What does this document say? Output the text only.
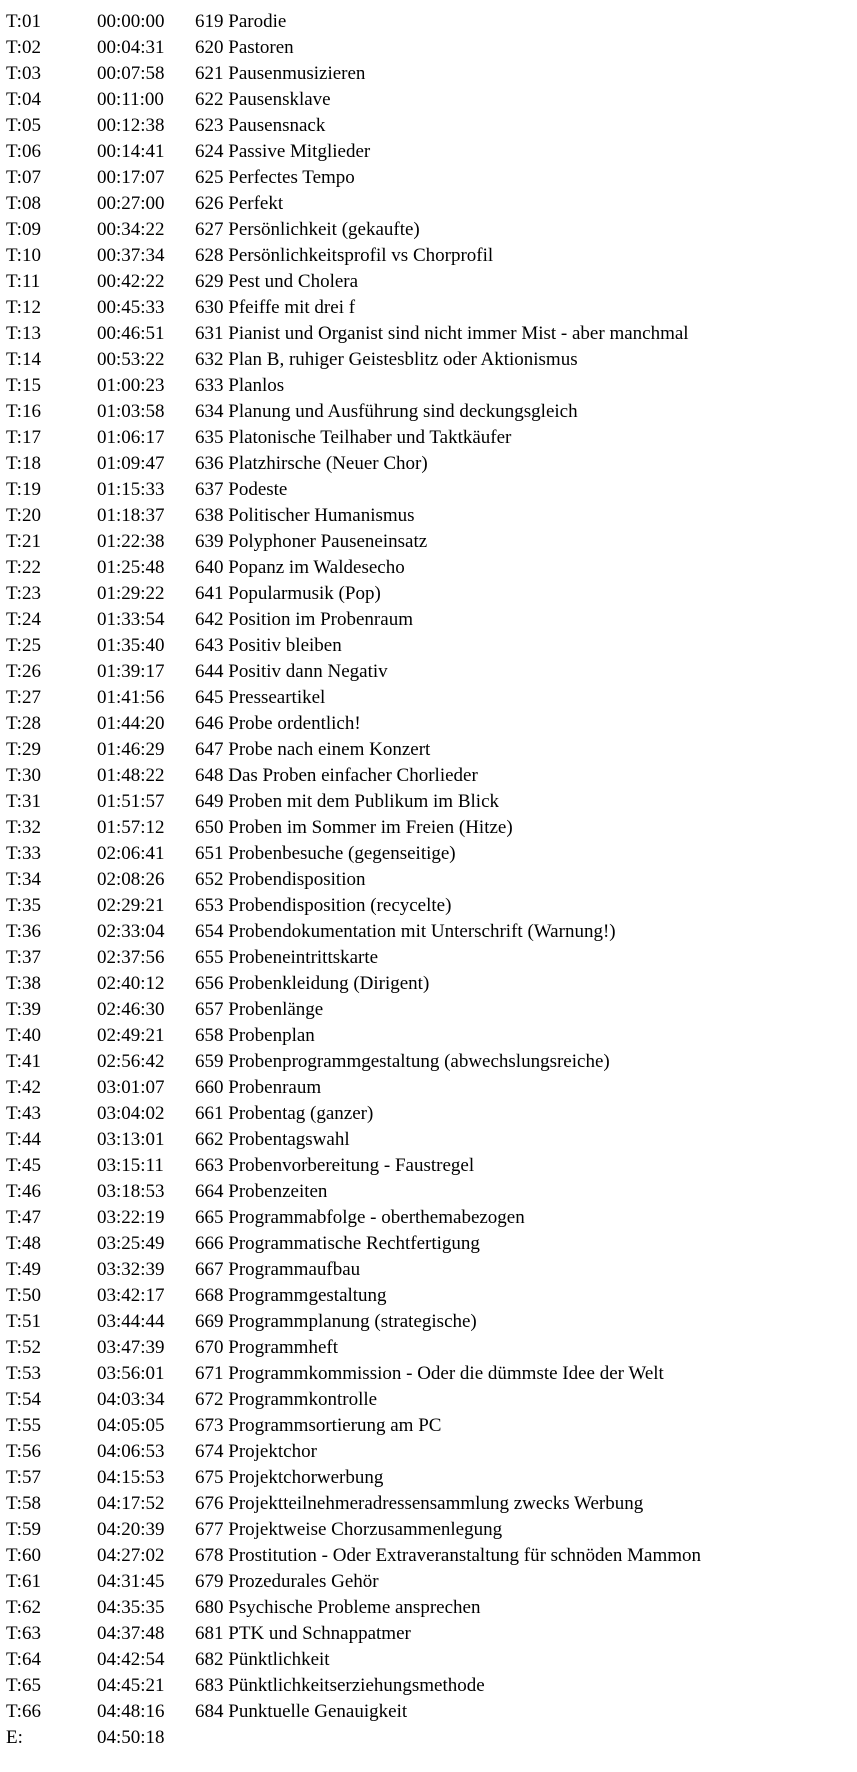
T:01	00:00:00	619 Parodie
T:02	00:04:31	620 Pastoren
T:03	00:07:58	621 Pausenmusizieren
T:04	00:11:00	622 Pausensklave
T:05	00:12:38	623 Pausensnack
T:06	00:14:41	624 Passive Mitglieder
T:07	00:17:07	625 Perfectes Tempo
T:08	00:27:00	626 Perfekt
T:09	00:34:22	627 Persönlichkeit (gekaufte)
T:10	00:37:34	628 Persönlichkeitsprofil vs Chorprofil
T:11	00:42:22	629 Pest und Cholera
T:12	00:45:33	630 Pfeiffe mit drei f
T:13	00:46:51	631 Pianist und Organist sind nicht immer Mist - aber manchmal
T:14	00:53:22	632 Plan B, ruhiger Geistesblitz oder Aktionismus
T:15	01:00:23	633 Planlos
T:16	01:03:58	634 Planung und Ausführung sind deckungsgleich
T:17	01:06:17	635 Platonische Teilhaber und Taktkäufer
T:18	01:09:47	636 Platzhirsche (Neuer Chor)
T:19	01:15:33	637 Podeste
T:20	01:18:37	638 Politischer Humanismus
T:21	01:22:38	639 Polyphoner Pauseneinsatz
T:22	01:25:48	640 Popanz im Waldesecho
T:23	01:29:22	641 Popularmusik (Pop)
T:24	01:33:54	642 Position im Probenraum
T:25	01:35:40	643 Positiv bleiben
T:26	01:39:17	644 Positiv dann Negativ
T:27	01:41:56	645 Presseartikel
T:28	01:44:20	646 Probe ordentlich!
T:29	01:46:29	647 Probe nach einem Konzert
T:30	01:48:22	648 Das Proben einfacher Chorlieder
T:31	01:51:57	649 Proben mit dem Publikum im Blick
T:32	01:57:12	650 Proben im Sommer im Freien (Hitze)
T:33	02:06:41	651 Probenbesuche (gegenseitige)
T:34	02:08:26	652 Probendisposition
T:35	02:29:21	653 Probendisposition (recycelte)
T:36	02:33:04	654 Probendokumentation mit Unterschrift (Warnung!)
T:37	02:37:56	655 Probeneintrittskarte
T:38	02:40:12	656 Probenkleidung (Dirigent)
T:39	02:46:30	657 Probenlänge
T:40	02:49:21	658 Probenplan
T:41	02:56:42	659 Probenprogrammgestaltung (abwechslungsreiche)
T:42	03:01:07	660 Probenraum
T:43	03:04:02	661 Probentag (ganzer)
T:44	03:13:01	662 Probentagswahl
T:45	03:15:11	663 Probenvorbereitung - Faustregel
T:46	03:18:53	664 Probenzeiten
T:47	03:22:19	665 Programmabfolge - oberthemabezogen
T:48	03:25:49	666 Programmatische Rechtfertigung
T:49	03:32:39	667 Programmaufbau
T:50	03:42:17	668 Programmgestaltung
T:51	03:44:44	669 Programmplanung (strategische)
T:52	03:47:39	670 Programmheft
T:53	03:56:01	671 Programmkommission - Oder die dümmste Idee der Welt
T:54	04:03:34	672 Programmkontrolle
T:55	04:05:05	673 Programmsortierung am PC
T:56	04:06:53	674 Projektchor
T:57	04:15:53	675 Projektchorwerbung
T:58	04:17:52	676 Projektteilnehmeradressensammlung zwecks Werbung
T:59	04:20:39	677 Projektweise Chorzusammenlegung
T:60	04:27:02	678 Prostitution - Oder Extraveranstaltung für schnöden Mammon
T:61	04:31:45	679 Prozedurales Gehör
T:62	04:35:35	680 Psychische Probleme ansprechen
T:63	04:37:48	681 PTK und Schnappatmer
T:64	04:42:54	682 Pünktlichkeit
T:65	04:45:21	683 Pünktlichkeitserziehungsmethode
T:66	04:48:16	684 Punktuelle Genauigkeit
E:	04:50:18
